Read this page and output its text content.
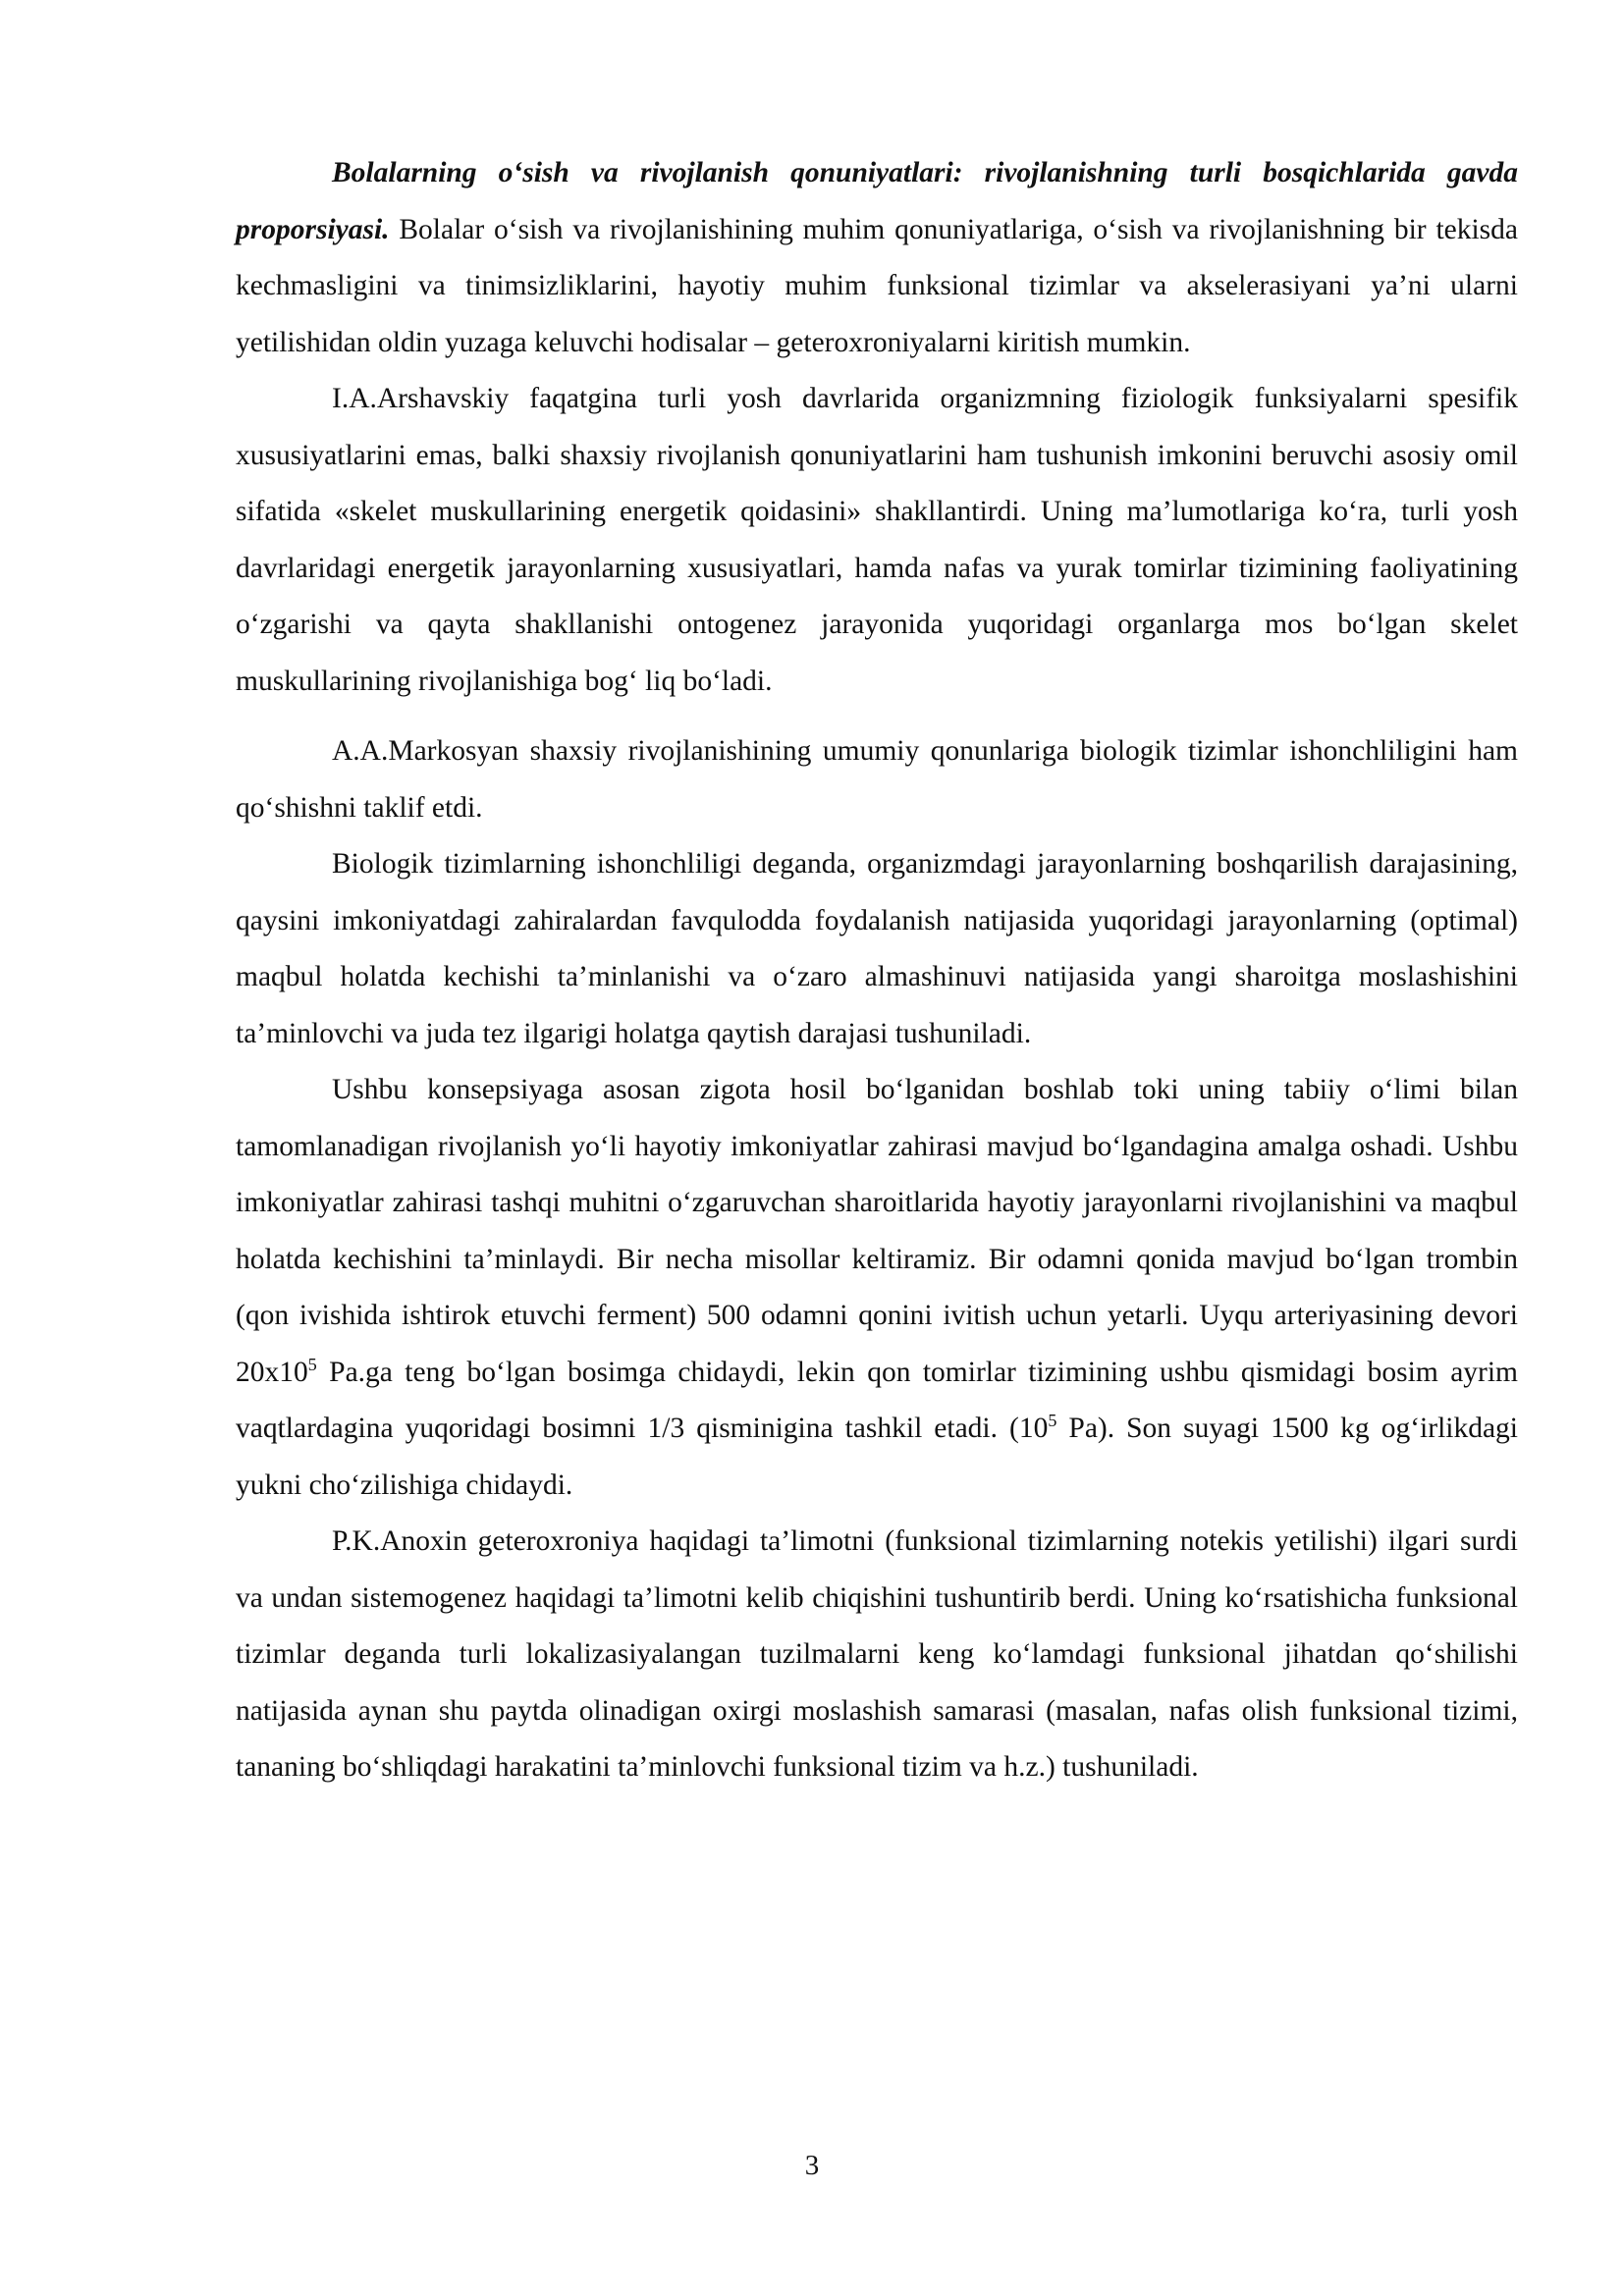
Bolalarning o‘sish va rivojlanish qonuniyatlari: rivojlanishning turli bosqichlarida gavda proporsiyasi. Bolalar o‘sish va rivojlanishining muhim qonuniyatlariga, o‘sish va rivojlanishning bir tekisda kechmasligini va tinimsizliklarini, hayotiy muhim funksional tizimlar va akselerasiyani ya’ni ularni yetilishidan oldin yuzaga keluvchi hodisalar – geteroxroniyalarni kiritish mumkin.

I.A.Arshavskiy faqatgina turli yosh davrlarida organizmning fiziologik funksiyalarni spesifik xususiyatlarini emas, balki shaxsiy rivojlanish qonuniyatlarini ham tushunish imkonini beruvchi asosiy omil sifatida «skelet muskullarining energetik qoidasini» shakllantirdi. Uning ma’lumotlariga ko‘ra, turli yosh davrlaridagi energetik jarayonlarning xususiyatlari, hamda nafas va yurak tomirlar tizimining faoliyatining o‘zgarishi va qayta shakllanishi ontogenez jarayonida yuqoridagi organlarga mos bo‘lgan skelet muskullarining rivojlanishiga bog‘ liq bo‘ladi.

A.A.Markosyan shaxsiy rivojlanishining umumiy qonunlariga biologik tizimlar ishonchliligini ham qo‘shishni taklif etdi.

Biologik tizimlarning ishonchliligi deganda, organizmdagi jarayonlarning boshqarilish darajasining, qaysini imkoniyatdagi zahiralardan favqulodda foydalanish natijasida yuqoridagi jarayonlarning (optimal) maqbul holatda kechishi ta’minlanishi va o‘zaro almashinuvi natijasida yangi sharoitga moslashishini ta’minlovchi va juda tez ilgarigi holatga qaytish darajasi tushuniladi.

Ushbu konsepsiyaga asosan zigota hosil bo‘lganidan boshlab toki uning tabiiy o‘limi bilan tamomlanadigan rivojlanish yo‘li hayotiy imkoniyatlar zahirasi mavjud bo‘lgandagina amalga oshadi. Ushbu imkoniyatlar zahirasi tashqi muhitni o‘zgaruvchan sharoitlarida hayotiy jarayonlarni rivojlanishini va maqbul holatda kechishini ta’minlaydi. Bir necha misollar keltiramiz. Bir odamni qonida mavjud bo‘lgan trombin (qon ivishida ishtirok etuvchi ferment) 500 odamni qonini ivitish uchun yetarli. Uyqu arteriyasining devori $20x10^5$ Pa.ga teng bo‘lgan bosimga chidaydi, lekin qon tomirlar tizimining ushbu qismidagi bosim ayrim vaqtlardagina yuqoridagi bosimni 1/3 qisminigina tashkil etadi. ($10^5$ Pa). Son suyagi 1500 kg og‘irlikdagi yukni cho‘zilishiga chidaydi.

P.K.Anoxin geteroxroniya haqidagi ta’limotni (funksional tizimlarning notekis yetilishi) ilgari surdi va undan sistemogenez haqidagi ta’limotni kelib chiqishini tushuntirib berdi. Uning ko‘rsatishicha funksional tizimlar deganda turli lokalizasiyalangan tuzilmalarni keng ko‘lamdagi funksional jihatdan qo‘shilishi natijasida aynan shu paytda olinadigan oxirgi moslashish samarasi (masalan, nafas olish funksional tizimi, tananing bo‘shliqdagi harakatini ta’minlovchi funksional tizim va h.z.) tushuniladi.

3
